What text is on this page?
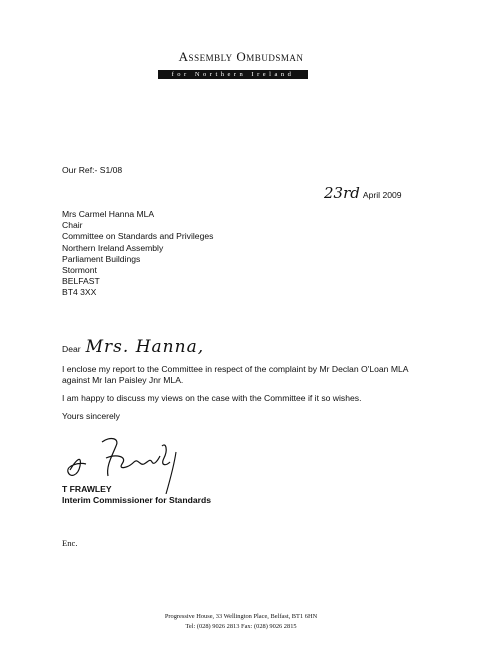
Assembly Ombudsman
for Northern Ireland
Our Ref:- S1/08
23rd April 2009
Mrs Carmel Hanna MLA
Chair
Committee on Standards and Privileges
Northern Ireland Assembly
Parliament Buildings
Stormont
BELFAST
BT4 3XX
Dear Mrs. Hanna,
I enclose my report to the Committee in respect of the complaint by Mr Declan O'Loan MLA against Mr Ian Paisley Jnr MLA.
I am happy to discuss my views on the case with the Committee if it so wishes.
Yours sincerely
T FRAWLEY
Interim Commissioner for Standards
Enc.
Progressive House, 33 Wellington Place, Belfast, BT1 6HN
Tel: (028) 9026 2813 Fax: (028) 9026 2815
